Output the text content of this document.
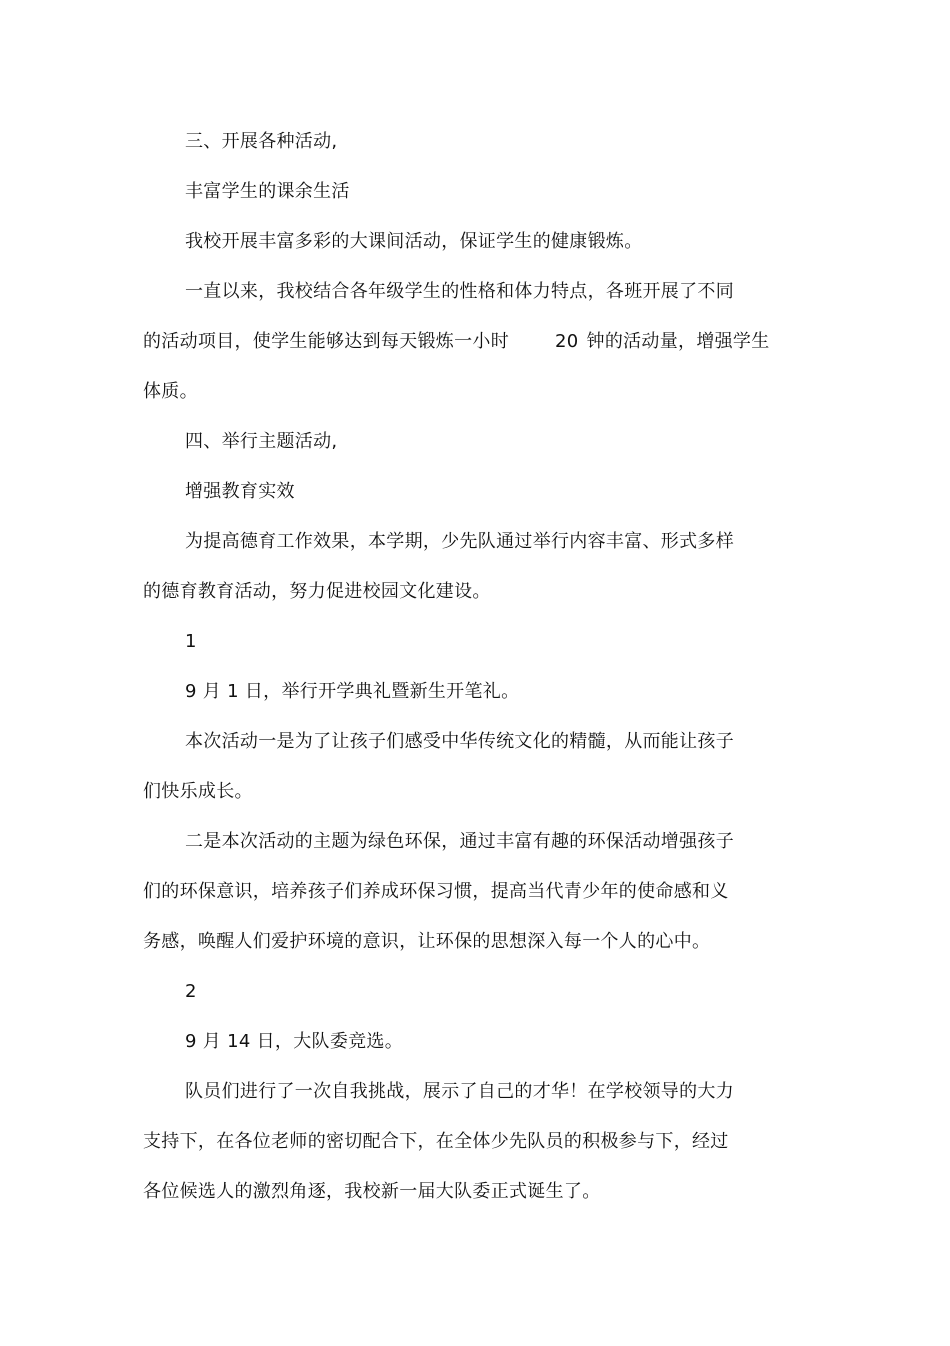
三、开展各种活动,
丰富学生的课余生活
我校开展丰富多彩的大课间活动，保证学生的健康锻炼。
一直以来，我校结合各年级学生的性格和体力特点，各班开展了不同
的活动项目，使学生能够达到每天锻炼一小时	20 钟的活动量，增强学生
体质。
四、举行主题活动,
增强教育实效
为提高德育工作效果，本学期，少先队通过举行内容丰富、形式多样
的德育教育活动，努力促进校园文化建设。
1
9 月 1 日，举行开学典礼暨新生开笔礼。
本次活动一是为了让孩子们感受中华传统文化的精髓，从而能让孩子
们快乐成长。
二是本次活动的主题为绿色环保，通过丰富有趣的环保活动增强孩子
们的环保意识，培养孩子们养成环保习惯，提高当代青少年的使命感和义
务感，唤醒人们爱护环境的意识，让环保的思想深入每一个人的心中。
2
9 月 14 日，大队委竞选。
队员们进行了一次自我挑战，展示了自己的才华！在学校领导的大力
支持下，在各位老师的密切配合下，在全体少先队员的积极参与下，经过
各位候选人的激烈角逐，我校新一届大队委正式诞生了。
